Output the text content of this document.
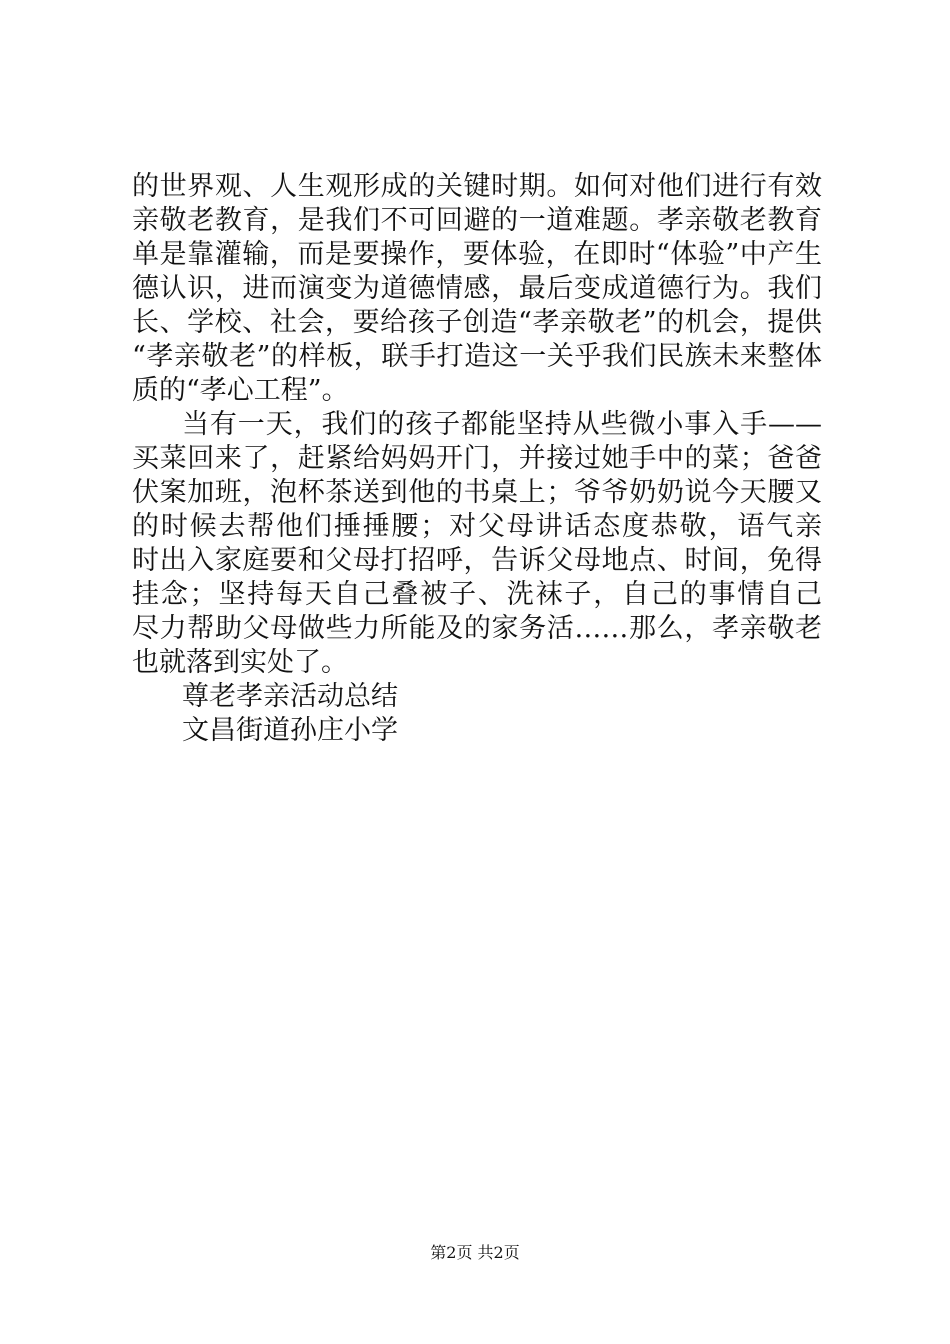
的世界观、人生观形成的关键时期。如何对他们进行有效
亲敬老教育，是我们不可回避的一道难题。孝亲敬老教育
单是靠灌输，而是要操作，要体验，在即时“体验”中产生
德认识，进而演变为道德情感，最后变成道德行为。我们
长、学校、社会，要给孩子创造“孝亲敬老”的机会，提供
“孝亲敬老”的样板，联手打造这一关乎我们民族未来整体
质的“孝心工程”。
当有一天，我们的孩子都能坚持从些微小事入手——
买菜回来了，赶紧给妈妈开门，并接过她手中的菜；爸爸
伏案加班，泡杯茶送到他的书桌上；爷爷奶奶说今天腰又
的时候去帮他们捶捶腰；对父母讲话态度恭敬，语气亲
时出入家庭要和父母打招呼，告诉父母地点、时间，免得
挂念；坚持每天自己叠被子、洗袜子，自己的事情自己
尽力帮助父母做些力所能及的家务活……那么，孝亲敬老
也就落到实处了。
尊老孝亲活动总结
文昌街道孙庄小学
第2页 共2页
